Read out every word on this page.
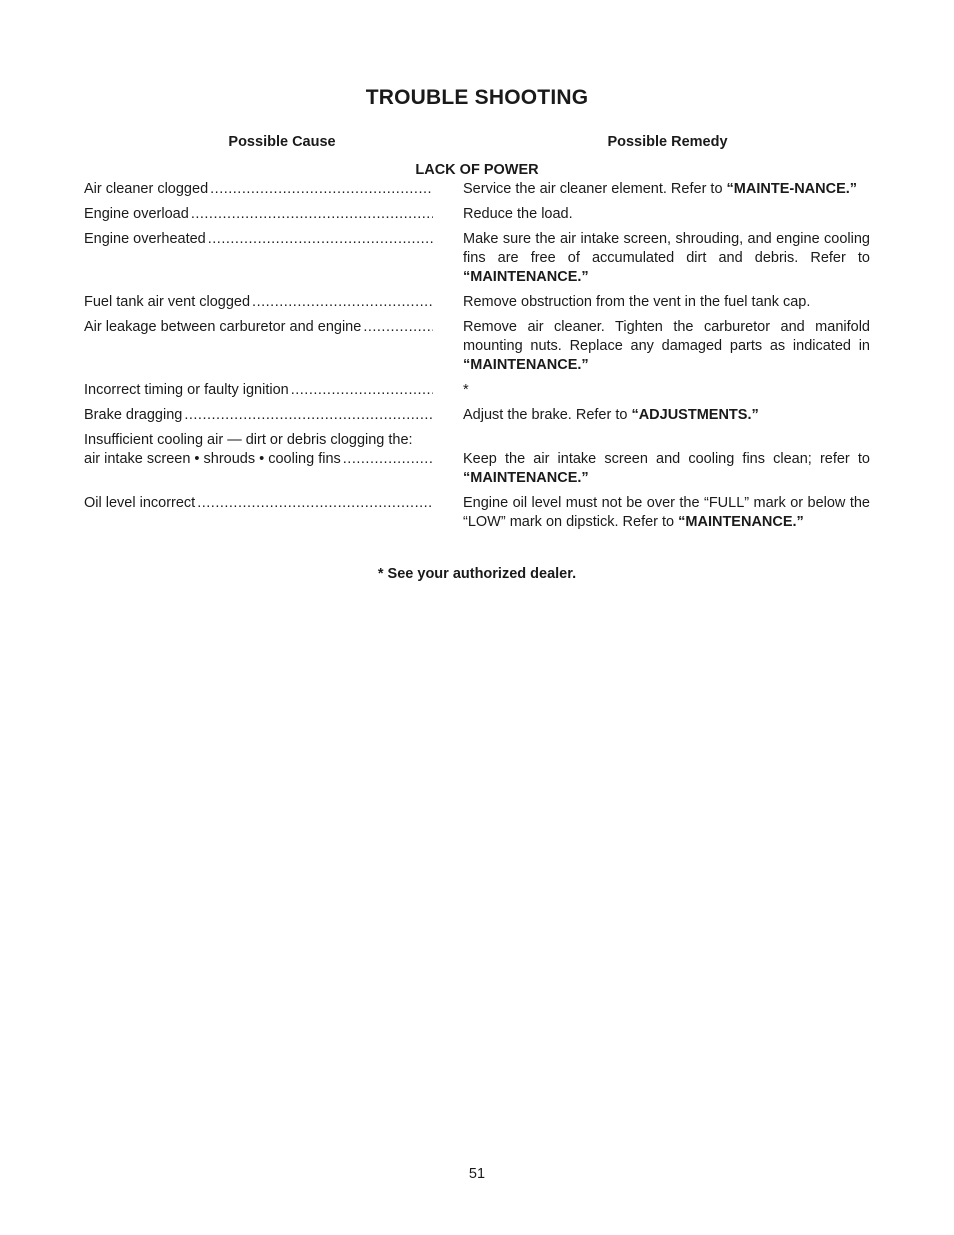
TROUBLE SHOOTING
Possible Cause	Possible Remedy
LACK OF POWER
Air cleaner clogged .....	Service the air cleaner element. Refer to “MAINTE-NANCE.”
Engine overload .....	Reduce the load.
Engine overheated .....	Make sure the air intake screen, shrouding, and engine cooling fins are free of accumulated dirt and debris. Refer to “MAINTENANCE.”
Fuel tank air vent clogged .....	Remove obstruction from the vent in the fuel tank cap.
Air leakage between carburetor and engine .....	Remove air cleaner. Tighten the carburetor and manifold mounting nuts. Replace any damaged parts as indicated in “MAINTENANCE.”
Incorrect timing or faulty ignition .....	*
Brake dragging .....	Adjust the brake. Refer to “ADJUSTMENTS.”
Insufficient cooling air — dirt or debris clogging the:
air intake screen • shrouds • cooling fins .....	Keep the air intake screen and cooling fins clean; refer to “MAINTENANCE.”
Oil level incorrect .....	Engine oil level must not be over the “FULL” mark or below the “LOW” mark on dipstick. Refer to “MAINTENANCE.”
* See your authorized dealer.
51
